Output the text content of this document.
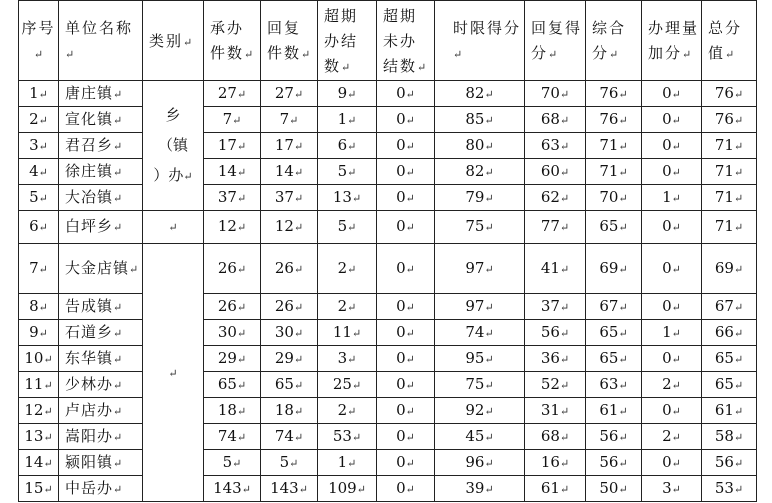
序号↵	单位名称↵	类别↵	承办件数↵	回复件数↵	超期办结数↵	超期未办结数↵	时限得分↵	回复得分↵	综合分↵	办理量加分↵	总分值↵
1↵	唐庄镇↵	乡
（镇
）办↵	27↵	27↵	9↵	0↵	82↵	70↵	76↵	0↵	76↵
2↵	宣化镇↵		7↵	7↵	1↵	0↵	85↵	68↵	76↵	0↵	76↵
3↵	君召乡↵		17↵	17↵	6↵	0↵	80↵	63↵	71↵	0↵	71↵
4↵	徐庄镇↵		14↵	14↵	5↵	0↵	82↵	60↵	71↵	0↵	71↵
5↵	大冶镇↵		37↵	37↵	13↵	0↵	79↵	62↵	70↵	1↵	71↵
6↵	白坪乡↵	↵	12↵	12↵	5↵	0↵	75↵	77↵	65↵	0↵	71↵
7↵	大金店镇↵	↵	26↵	26↵	2↵	0↵	97↵	41↵	69↵	0↵	69↵
8↵	告成镇↵		26↵	26↵	2↵	0↵	97↵	37↵	67↵	0↵	67↵
9↵	石道乡↵		30↵	30↵	11↵	0↵	74↵	56↵	65↵	1↵	66↵
10↵	东华镇↵		29↵	29↵	3↵	0↵	95↵	36↵	65↵	0↵	65↵
11↵	少林办↵		65↵	65↵	25↵	0↵	75↵	52↵	63↵	2↵	65↵
12↵	卢店办↵		18↵	18↵	2↵	0↵	92↵	31↵	61↵	0↵	61↵
13↵	嵩阳办↵		74↵	74↵	53↵	0↵	45↵	68↵	56↵	2↵	58↵
14↵	颍阳镇↵		5↵	5↵	1↵	0↵	96↵	16↵	56↵	0↵	56↵
15↵	中岳办↵		143↵	143↵	109↵	0↵	39↵	61↵	50↵	3↵	53↵
